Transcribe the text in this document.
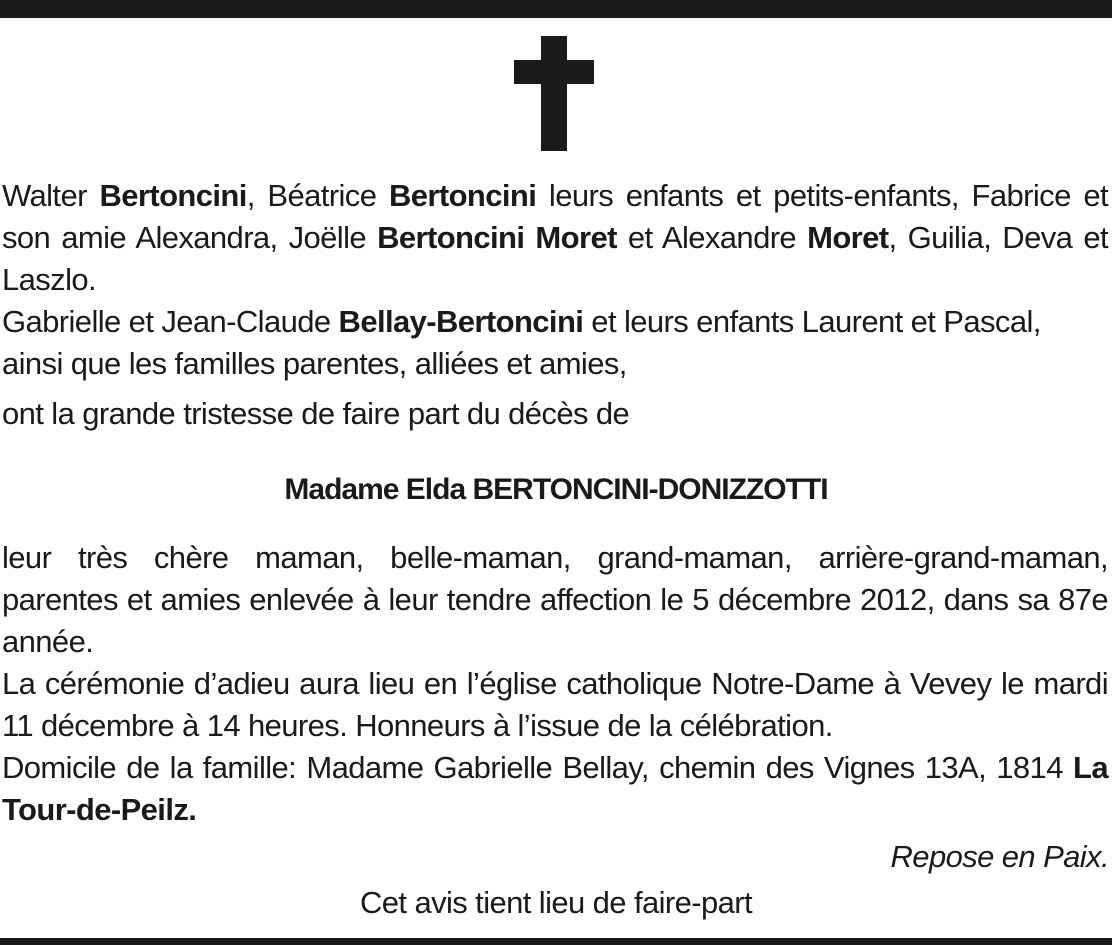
Walter Bertoncini, Béatrice Bertoncini leurs enfants et petits-enfants, Fabrice et son amie Alexandra, Joëlle Bertoncini Moret et Alexandre Moret, Guilia, Deva et Laszlo.

Gabrielle et Jean-Claude Bellay-Bertoncini et leurs enfants Laurent et Pascal, ainsi que les familles parentes, alliées et amies,

ont la grande tristesse de faire part du décès de

Madame Elda BERTONCINI-DONIZZOTTI

leur très chère maman, belle-maman, grand-maman, arrière-grand-maman, parentes et amies enlevée à leur tendre affection le 5 décembre 2012, dans sa 87e année.

La cérémonie d’adieu aura lieu en l’église catholique Notre-Dame à Vevey le mardi 11 décembre à 14 heures. Honneurs à l’issue de la célébration.

Domicile de la famille: Madame Gabrielle Bellay, chemin des Vignes 13A, 1814 La Tour-de-Peilz.

Repose en Paix.
Cet avis tient lieu de faire-part
